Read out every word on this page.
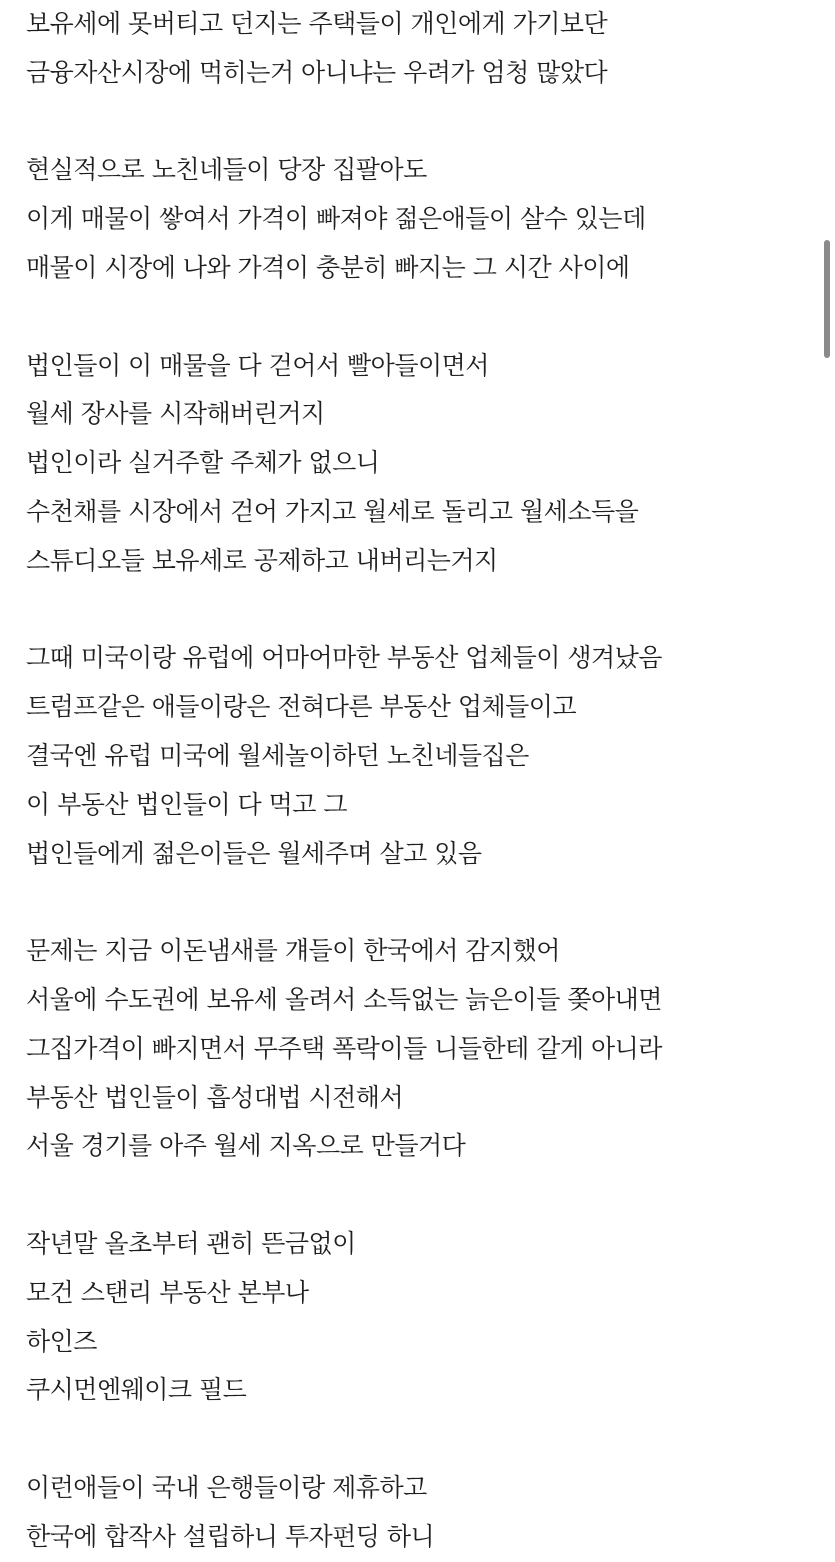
보유세에 못버티고 던지는 주택들이 개인에게 가기보단
금융자산시장에 먹히는거 아니냐는 우려가 엄청 많았다
현실적으로 노친네들이 당장 집팔아도
이게 매물이 쌓여서 가격이 빠져야 젊은애들이 살수 있는데
매물이 시장에 나와 가격이 충분히 빠지는 그 시간 사이에
법인들이 이 매물을 다 걷어서 빨아들이면서
월세 장사를 시작해버린거지
법인이라 실거주할 주체가 없으니
수천채를 시장에서 걷어 가지고 월세로 돌리고 월세소득을
스튜디오들 보유세로 공제하고 내버리는거지
그때 미국이랑 유럽에 어마어마한 부동산 업체들이 생겨났음
트럼프같은 애들이랑은 전혀다른 부동산 업체들이고
결국엔 유럽 미국에 월세놀이하던 노친네들집은
이 부동산 법인들이 다 먹고 그
법인들에게 젊은이들은 월세주며 살고 있음
문제는 지금 이돈냄새를 걔들이 한국에서 감지했어
서울에 수도권에 보유세 올려서 소득없는 늙은이들 쫒아내면
그집가격이 빠지면서 무주택 폭락이들 니들한테 갈게 아니라
부동산 법인들이 흡성대법 시전해서
서울 경기를 아주 월세 지옥으로 만들거다
작년말 올초부터 괜히 뜬금없이
모건 스탠리 부동산 본부나
하인즈
쿠시먼엔웨이크 필드
이런애들이 국내 은행들이랑 제휴하고
한국에 합작사 설립하니 투자펀딩 하니
